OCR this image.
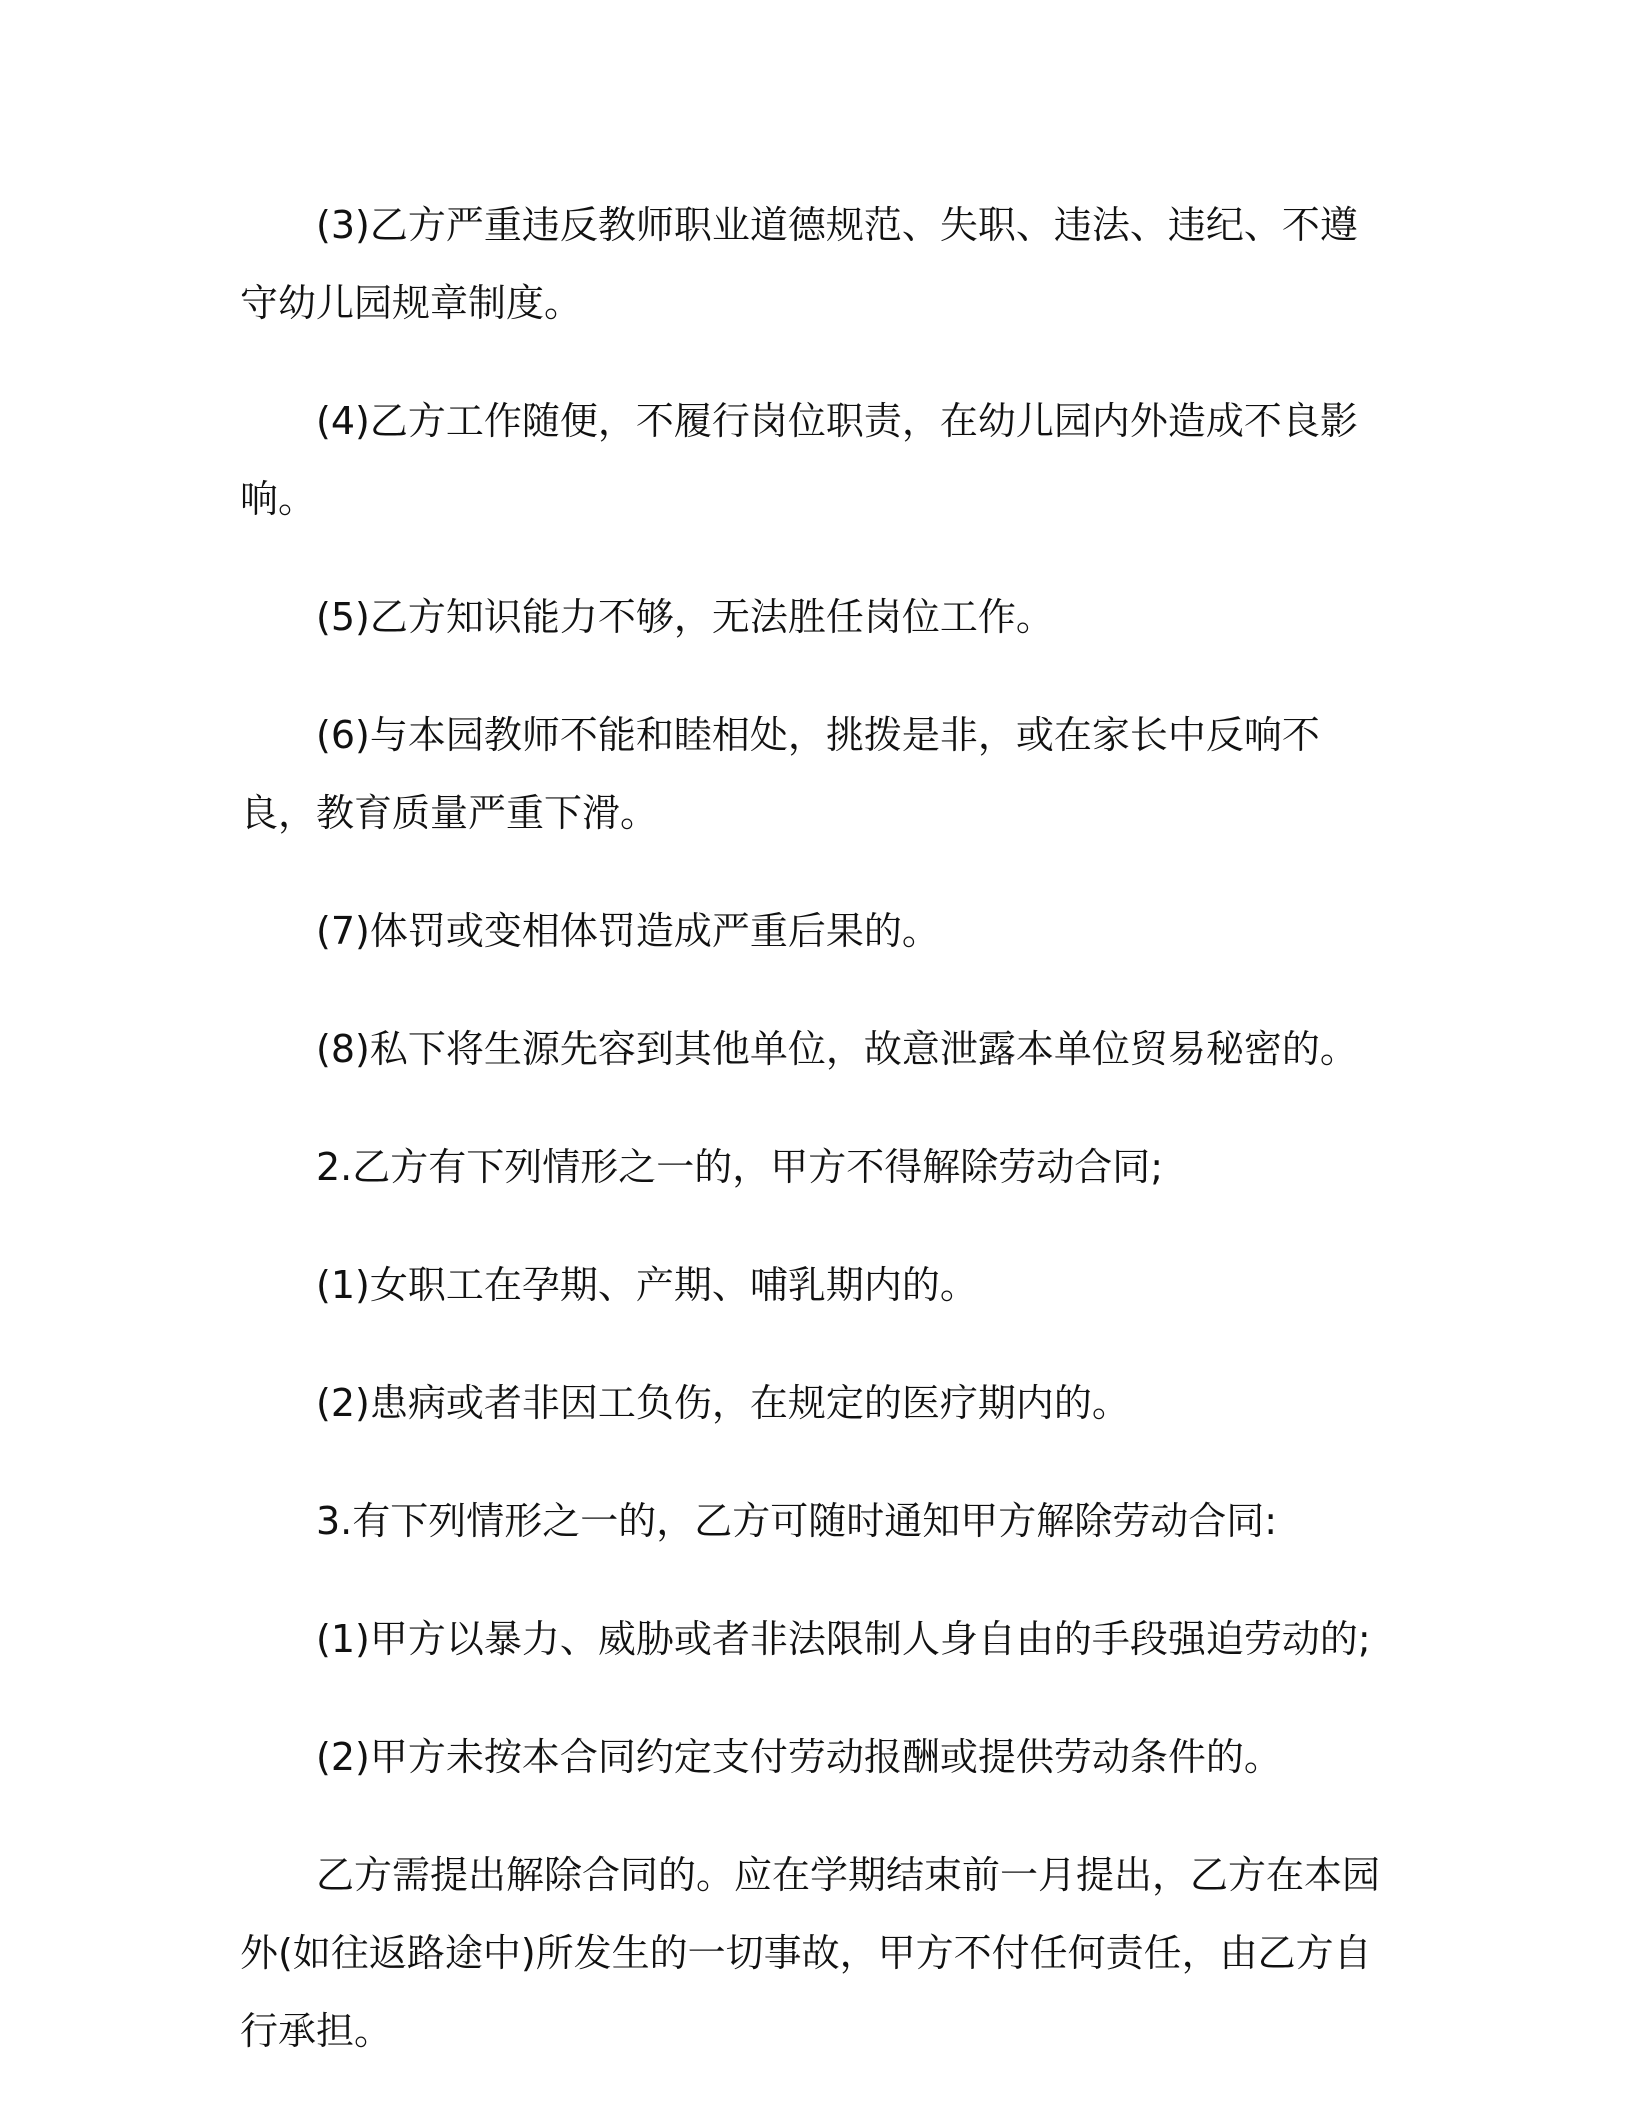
(3)乙方严重违反教师职业道德规范、失职、违法、违纪、不遵守幼儿园规章制度。

(4)乙方工作随便，不履行岗位职责，在幼儿园内外造成不良影响。

(5)乙方知识能力不够，无法胜任岗位工作。

(6)与本园教师不能和睦相处，挑拨是非，或在家长中反响不良，教育质量严重下滑。

(7)体罚或变相体罚造成严重后果的。

(8)私下将生源先容到其他单位，故意泄露本单位贸易秘密的。

2.乙方有下列情形之一的，甲方不得解除劳动合同;

(1)女职工在孕期、产期、哺乳期内的。

(2)患病或者非因工负伤，在规定的医疗期内的。

3.有下列情形之一的，乙方可随时通知甲方解除劳动合同:

(1)甲方以暴力、威胁或者非法限制人身自由的手段强迫劳动的;

(2)甲方未按本合同约定支付劳动报酬或提供劳动条件的。

乙方需提出解除合同的。应在学期结束前一月提出，乙方在本园外(如往返路途中)所发生的一切事故，甲方不付任何责任，由乙方自行承担。
